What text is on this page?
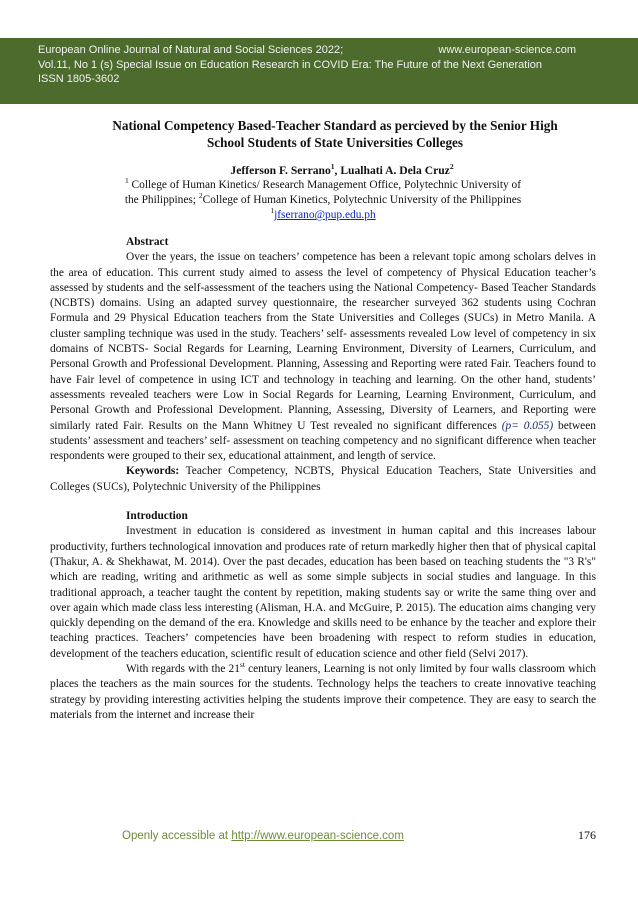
European Online Journal of Natural and Social Sciences 2022;	www.european-science.com
Vol.11, No 1 (s) Special Issue on Education Research in COVID Era: The Future of the Next Generation
ISSN 1805-3602
National Competency Based-Teacher Standard as percieved by the Senior High
School Students of State Universities Colleges
Jefferson F. Serrano$^1$, Lualhati A. Dela Cruz$^2$
$^1$ College of Human Kinetics/ Research Management Office, Polytechnic University of
the Philippines; $^2$College of Human Kinetics, Polytechnic University of the Philippines
$^1$jfserrano@pup.edu.ph
Abstract

Over the years, the issue on teachers’ competence has been a relevant topic among scholars delves in the area of education. This current study aimed to assess the level of competency of Physical Education teacher’s assessed by students and the self-assessment of the teachers using the National Competency- Based Teacher Standards (NCBTS) domains. Using an adapted survey questionnaire, the researcher surveyed 362 students using Cochran Formula and 29 Physical Education teachers from the State Universities and Colleges (SUCs) in Metro Manila. A cluster sampling technique was used in the study. Teachers’ self- assessments revealed Low level of competency in six domains of NCBTS- Social Regards for Learning, Learning Environment, Diversity of Learners, Curriculum, and Personal Growth and Professional Development. Planning, Assessing and Reporting were rated Fair. Teachers found to have Fair level of competence in using ICT and technology in teaching and learning. On the other hand, students’ assessments revealed teachers were Low in Social Regards for Learning, Learning Environment, Curriculum, and Personal Growth and Professional Development. Planning, Assessing, Diversity of Learners, and Reporting were similarly rated Fair. Results on the Mann Whitney U Test revealed no significant differences (p= 0.055) between students’ assessment and teachers’ self- assessment on teaching competency and no significant difference when teacher respondents were grouped to their sex, educational attainment, and length of service.

Keywords: Teacher Competency, NCBTS, Physical Education Teachers, State Universities and Colleges (SUCs), Polytechnic University of the Philippines

Introduction

Investment in education is considered as investment in human capital and this increases labour productivity, furthers technological innovation and produces rate of return markedly higher then that of physical capital (Thakur, A. & Shekhawat, M. 2014). Over the past decades, education has been based on teaching students the "3 R's" which are reading, writing and arithmetic as well as some simple subjects in social studies and language. In this traditional approach, a teacher taught the content by repetition, making students say or write the same thing over and over again which made class less interesting (Alisman, H.A. and McGuire, P. 2015). The education aims changing very quickly depending on the demand of the era. Knowledge and skills need to be enhance by the teacher and explore their teaching practices. Teachers’ competencies have been broadening with respect to reform studies in education, development of the teachers education, scientific result of education science and other field (Selvi 2017).

With regards with the 21st century leaners, Learning is not only limited by four walls classroom which places the teachers as the main sources for the students. Technology helps the teachers to create innovative teaching strategy by providing interesting activities helping the students improve their competence. They are easy to search the materials from the internet and increase their

Openly accessible at http://www.european-science.com	176
